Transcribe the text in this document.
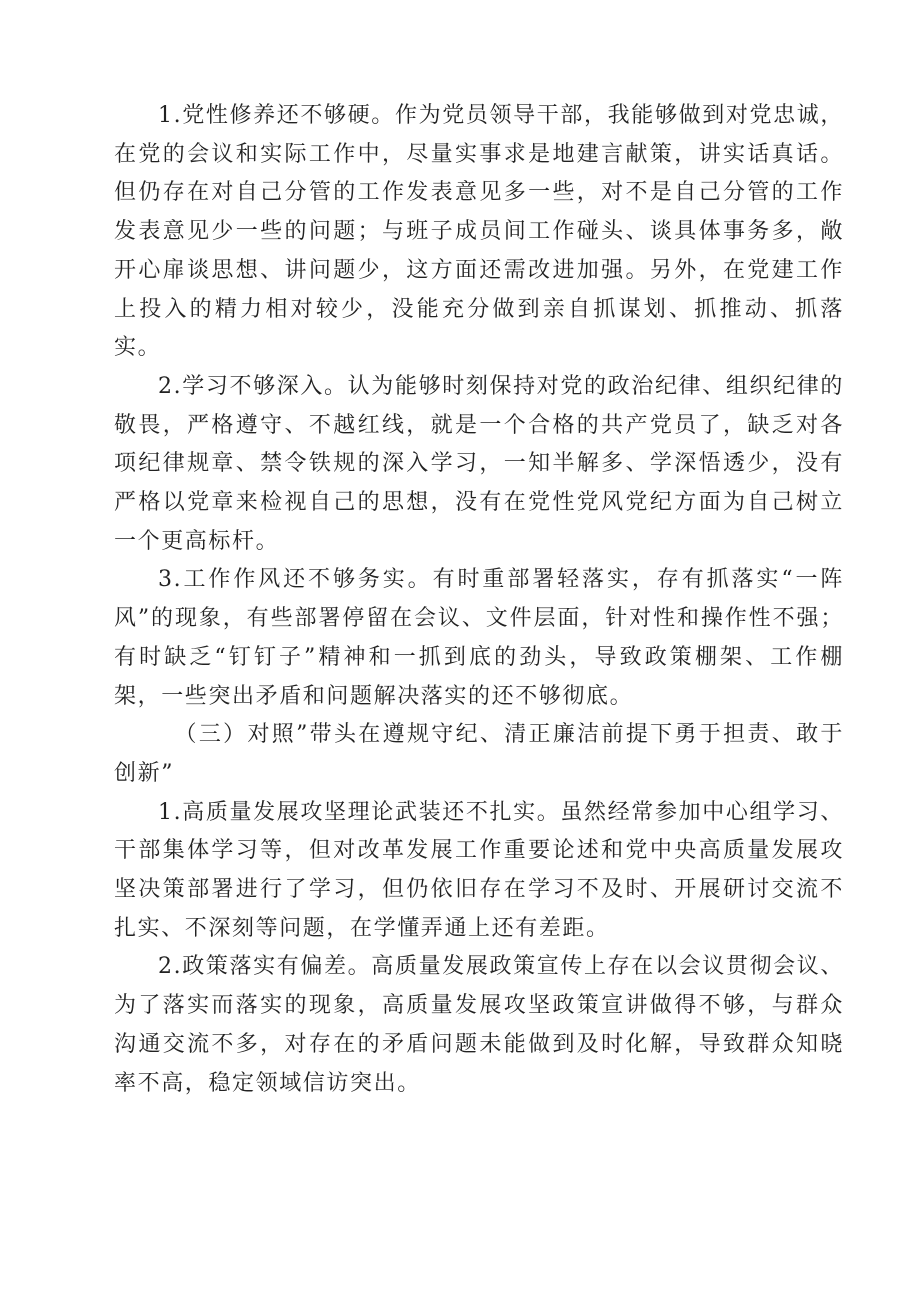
1.党性修养还不够硬。作为党员领导干部，我能够做到对党忠诚，在党的会议和实际工作中，尽量实事求是地建言献策，讲实话真话。但仍存在对自己分管的工作发表意见多一些，对不是自己分管的工作发表意见少一些的问题；与班子成员间工作碰头、谈具体事务多，敞开心扉谈思想、讲问题少，这方面还需改进加强。另外，在党建工作上投入的精力相对较少，没能充分做到亲自抓谋划、抓推动、抓落实。

2.学习不够深入。认为能够时刻保持对党的政治纪律、组织纪律的敬畏，严格遵守、不越红线，就是一个合格的共产党员了，缺乏对各项纪律规章、禁令铁规的深入学习，一知半解多、学深悟透少，没有严格以党章来检视自己的思想，没有在党性党风党纪方面为自己树立一个更高标杆。

3.工作作风还不够务实。有时重部署轻落实，存有抓落实“一阵风”的现象，有些部署停留在会议、文件层面，针对性和操作性不强；有时缺乏“钉钉子”精神和一抓到底的劲头，导致政策棚架、工作棚架，一些突出矛盾和问题解决落实的还不够彻底。

（三）对照”带头在遵规守纪、清正廉洁前提下勇于担责、敢于创新”

1.高质量发展攻坚理论武装还不扎实。虽然经常参加中心组学习、干部集体学习等，但对改革发展工作重要论述和党中央高质量发展攻坚决策部署进行了学习，但仍依旧存在学习不及时、开展研讨交流不扎实、不深刻等问题，在学懂弄通上还有差距。

2.政策落实有偏差。高质量发展政策宣传上存在以会议贯彻会议、为了落实而落实的现象，高质量发展攻坚政策宣讲做得不够，与群众沟通交流不多，对存在的矛盾问题未能做到及时化解，导致群众知晓率不高，稳定领域信访突出。
